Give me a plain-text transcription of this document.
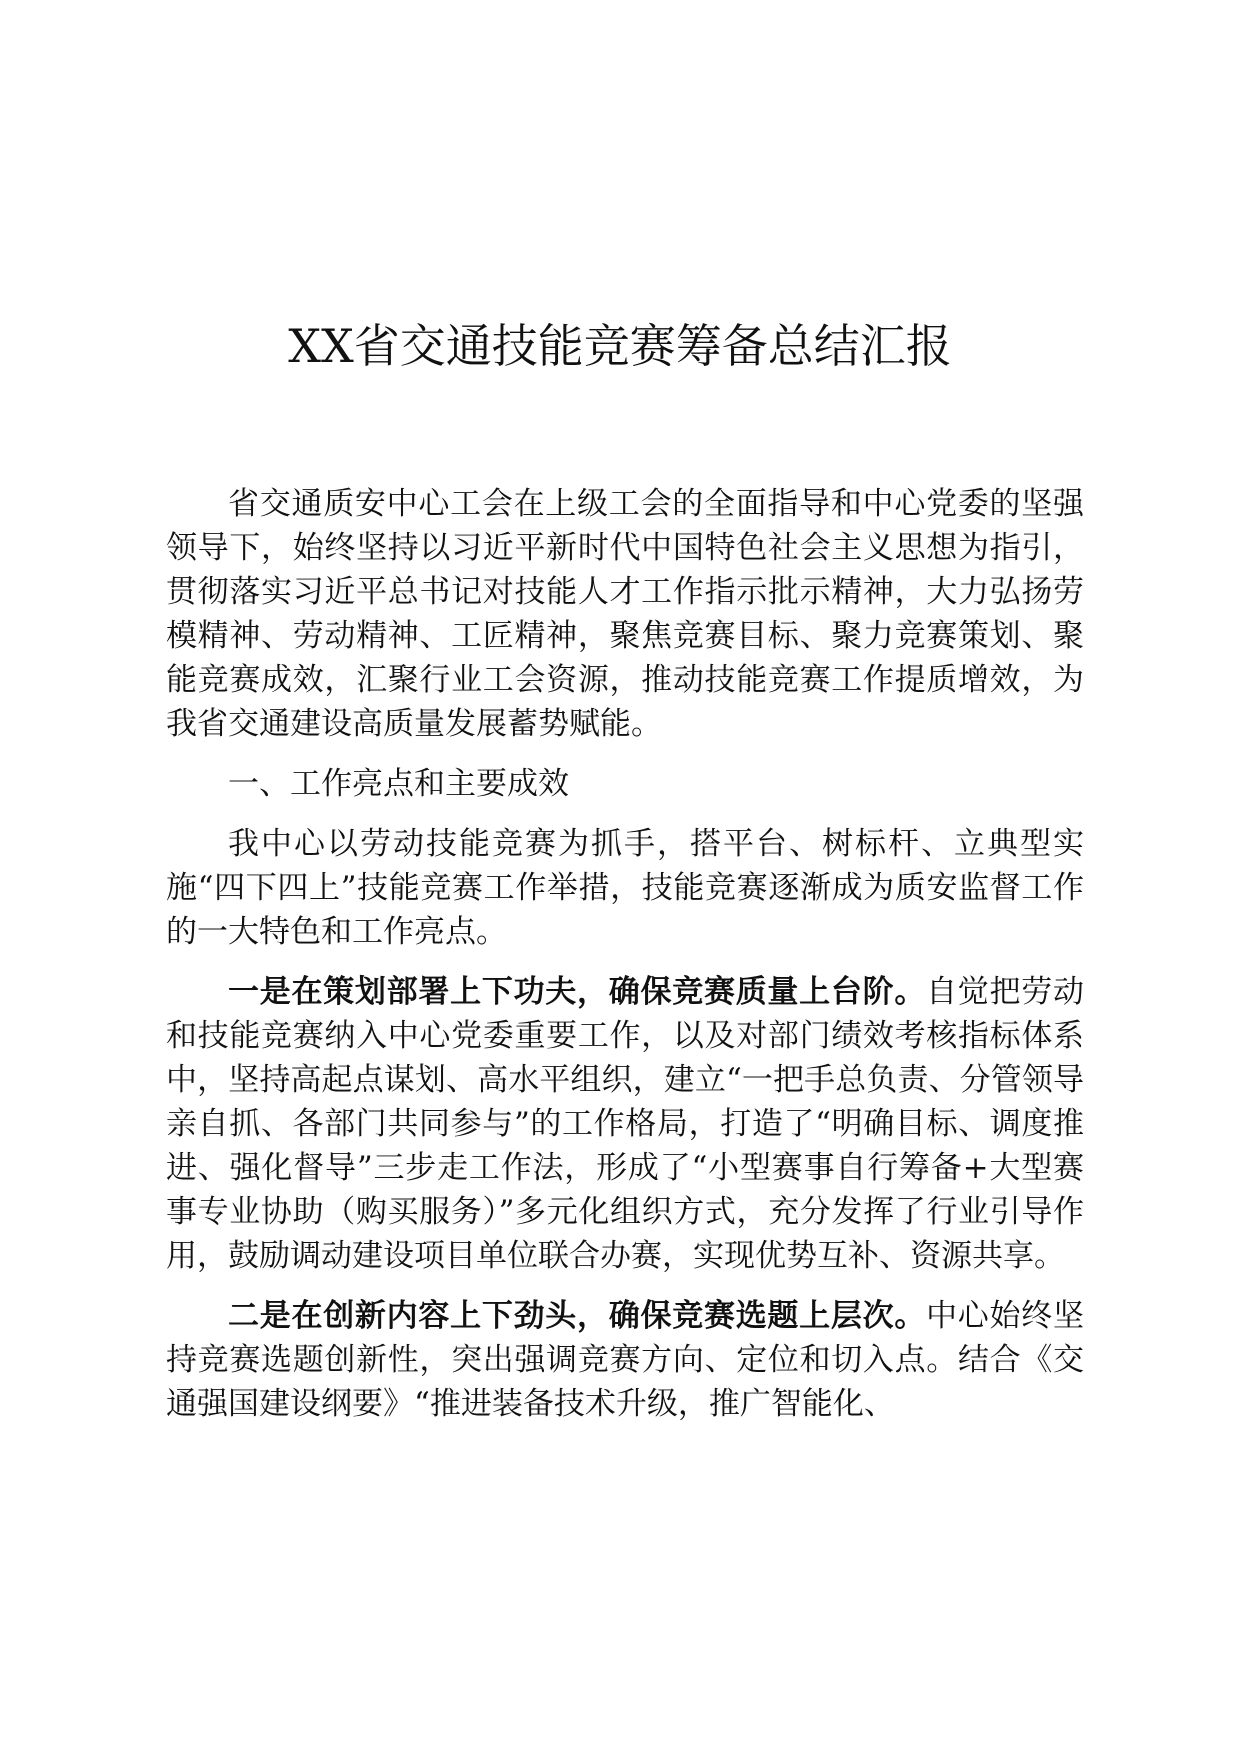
XX省交通技能竞赛筹备总结汇报

省交通质安中心工会在上级工会的全面指导和中心党委的坚强领导下，始终坚持以习近平新时代中国特色社会主义思想为指引，贯彻落实习近平总书记对技能人才工作指示批示精神，大力弘扬劳模精神、劳动精神、工匠精神，聚焦竞赛目标、聚力竞赛策划、聚能竞赛成效，汇聚行业工会资源，推动技能竞赛工作提质增效，为我省交通建设高质量发展蓄势赋能。

一、工作亮点和主要成效

我中心以劳动技能竞赛为抓手，搭平台、树标杆、立典型实施“四下四上”技能竞赛工作举措，技能竞赛逐渐成为质安监督工作的一大特色和工作亮点。

一是在策划部署上下功夫，确保竞赛质量上台阶。自觉把劳动和技能竞赛纳入中心党委重要工作，以及对部门绩效考核指标体系中，坚持高起点谋划、高水平组织，建立“一把手总负责、分管领导亲自抓、各部门共同参与”的工作格局，打造了“明确目标、调度推进、强化督导”三步走工作法，形成了“小型赛事自行筹备+大型赛事专业协助（购买服务）”多元化组织方式，充分发挥了行业引导作用，鼓励调动建设项目单位联合办赛，实现优势互补、资源共享。

二是在创新内容上下劲头，确保竞赛选题上层次。中心始终坚持竞赛选题创新性，突出强调竞赛方向、定位和切入点。结合《交通强国建设纲要》“推进装备技术升级，推广智能化、
